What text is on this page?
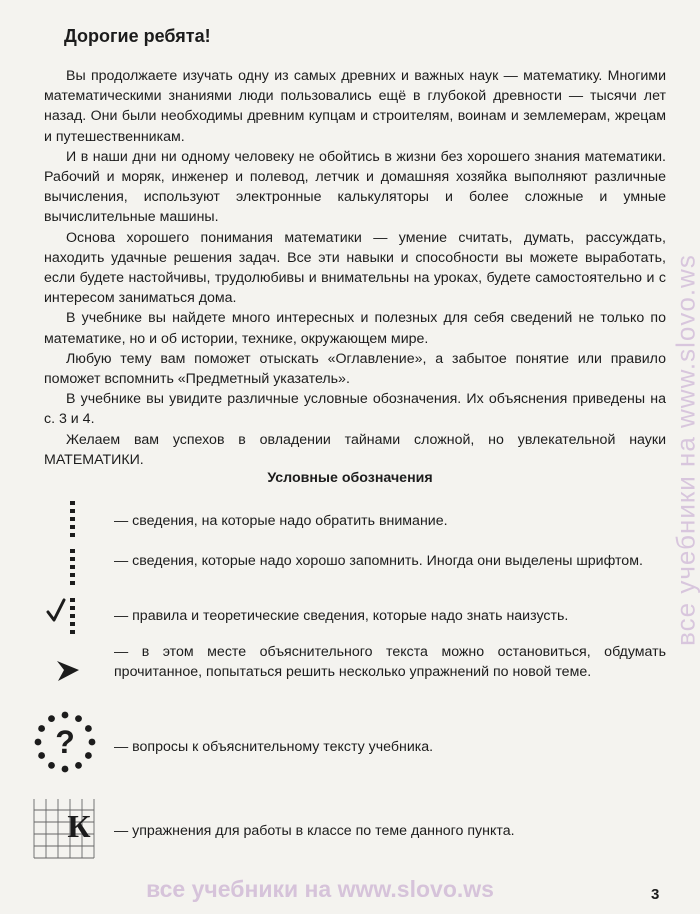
Дорогие ребята!

Вы продолжаете изучать одну из самых древних и важных наук — математику. Многими математическими знаниями люди пользовались ещё в глубокой древности — тысячи лет назад. Они были необходимы древним купцам и строителям, воинам и землемерам, жрецам и путешественникам.

И в наши дни ни одному человеку не обойтись в жизни без хорошего знания математики. Рабочий и моряк, инженер и полевод, летчик и домашняя хозяйка выполняют различные вычисления, используют электронные калькуляторы и более сложные и умные вычислительные машины.

Основа хорошего понимания математики — умение считать, думать, рассуждать, находить удачные решения задач. Все эти навыки и способности вы можете выработать, если будете настойчивы, трудолюбивы и внимательны на уроках, будете самостоятельно и с интересом заниматься дома.

В учебнике вы найдете много интересных и полезных для себя сведений не только по математике, но и об истории, технике, окружающем мире.

Любую тему вам поможет отыскать «Оглавление», а забытое понятие или правило поможет вспомнить «Предметный указатель».

В учебнике вы увидите различные условные обозначения. Их объяснения приведены на с. 3 и 4.

Желаем вам успехов в овладении тайнами сложной, но увлекательной науки МАТЕМАТИКИ.

Условные обозначения
— сведения, на которые надо обратить внимание.
— сведения, которые надо хорошо запомнить. Иногда они выделены шрифтом.
— правила и теоретические сведения, которые надо знать наизусть.
— в этом месте объяснительного текста можно остановиться, обдумать прочитанное, попытаться решить несколько упражнений по новой теме.
?	— вопросы к объяснительному тексту учебника.
К — упражнения для работы в классе по теме данного пункта.
все учебники на www.slovo.ws
все учебники на www.slovo.ws	3
